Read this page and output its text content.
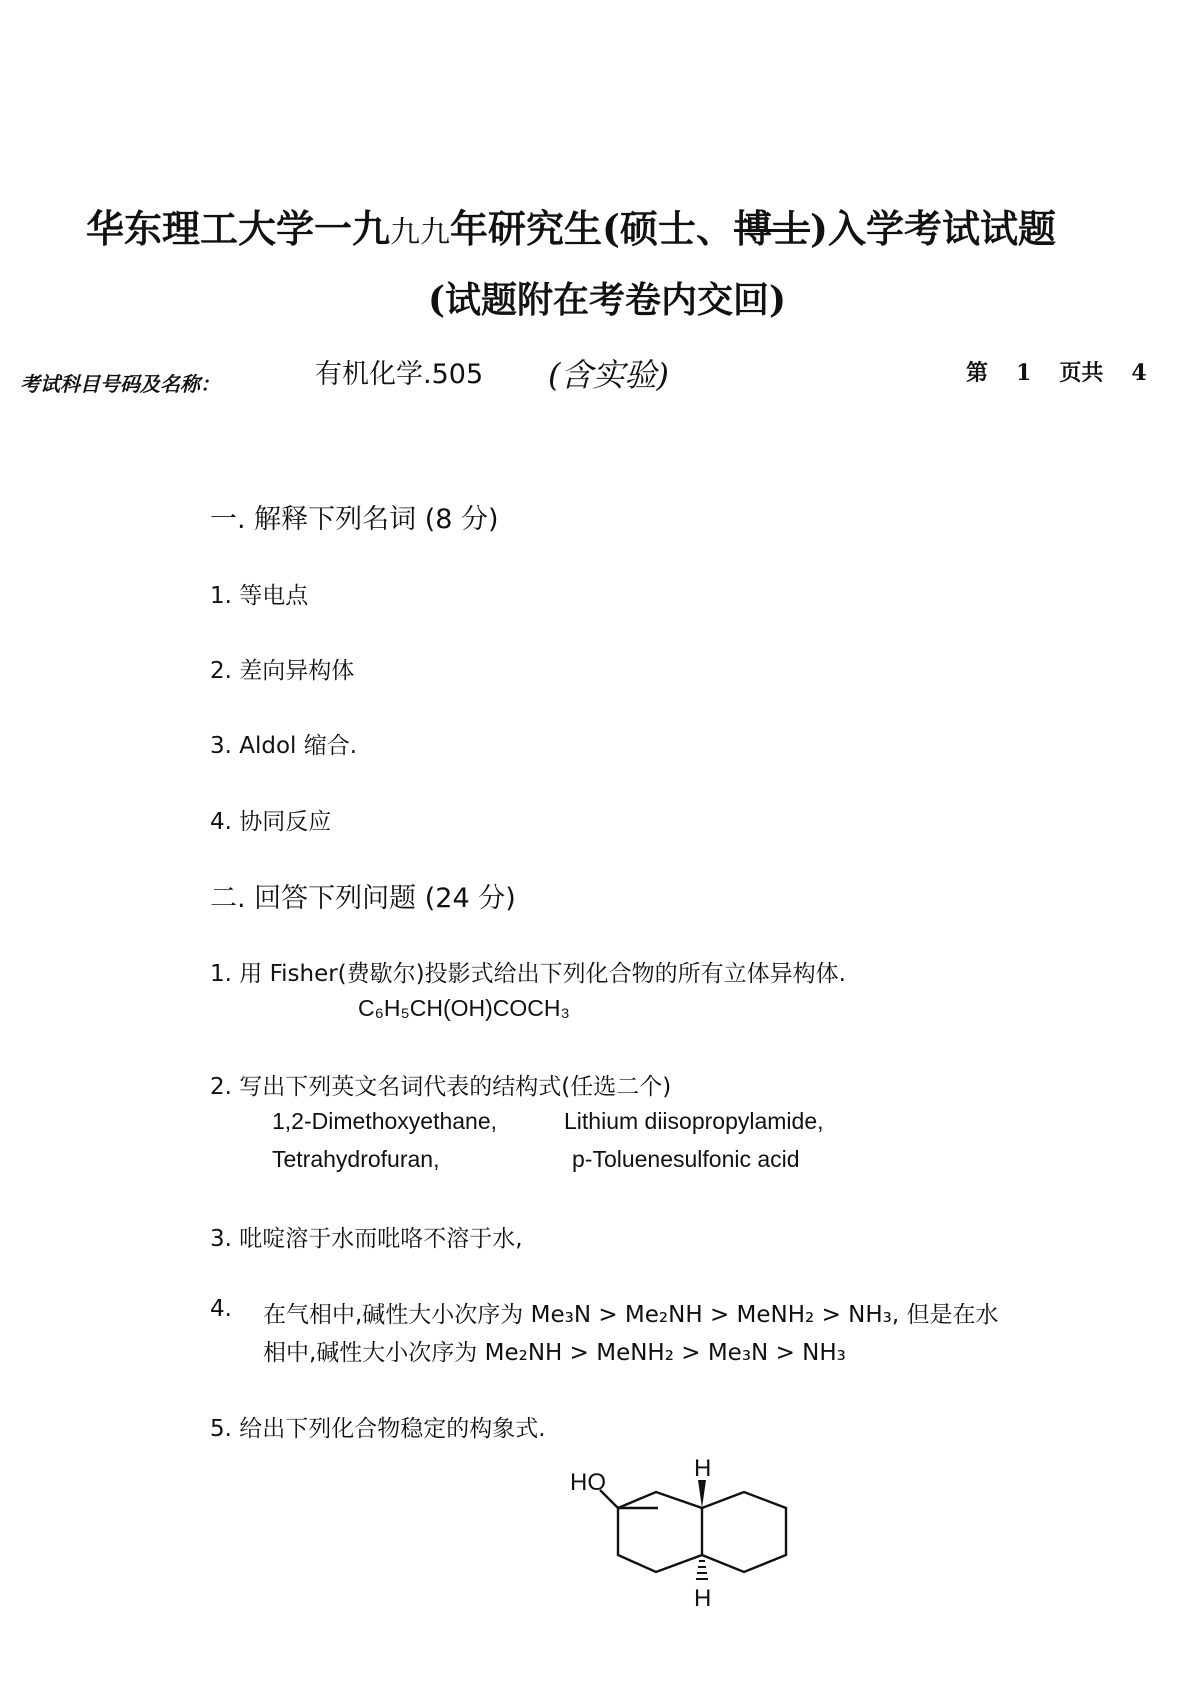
华东理工大学一九九九年研究生(硕士、博士)入学考试试题
(试题附在考卷内交回)
考试科目号码及名称：	有机化学.505 (含实验)	第 1 页共 4
一. 解释下列名词 (8 分)
1. 等电点
2. 差向异构体
3. Aldol 缩合.
4. 协同反应
二. 回答下列问题 (24 分)
1. 用 Fisher(费歇尔)投影式给出下列化合物的所有立体异构体.
C₆H₅CH(OH)COCH₃
2. 写出下列英文名词代表的结构式(任选二个)
1,2-Dimethoxyethane,	Lithium diisopropylamide,
Tetrahydrofuran,	p-Toluenesulfonic acid
3. 吡啶溶于水而吡咯不溶于水,
4. 在气相中,碱性大小次序为 Me₃N > Me₂NH > MeNH₂ > NH₃, 但是在水
相中,碱性大小次序为 Me₂NH > MeNH₂ > Me₃N > NH₃
5. 给出下列化合物稳定的构象式.
HO
H
H
